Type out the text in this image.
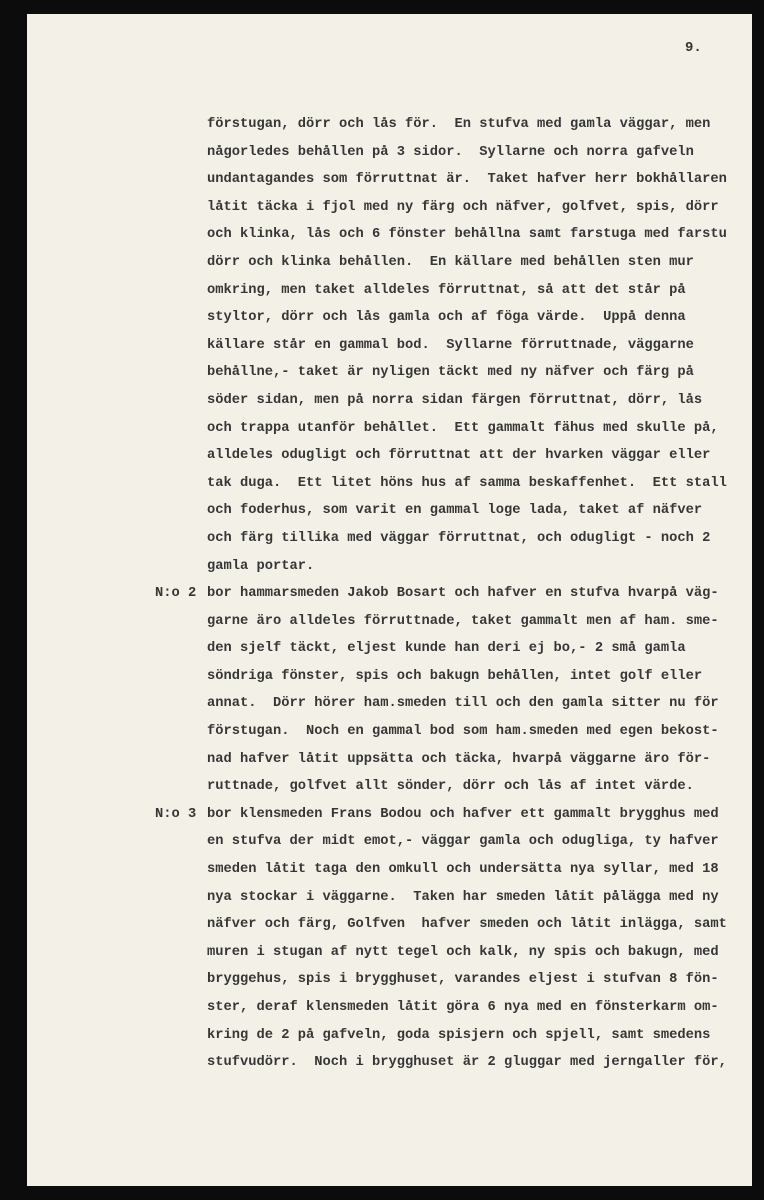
9.
förstugan, dörr och lås för.  En stufva med gamla väggar, men
någorledes behållen på 3 sidor.  Syllarne och norra gafveln
undantagandes som förruttnat är.  Taket hafver herr bokhållaren
låtit täcka i fjol med ny färg och näfver, golfvet, spis, dörr
och klinka, lås och 6 fönster behållna samt farstuga med farstu
dörr och klinka behållen.  En källare med behållen sten mur
omkring, men taket alldeles förruttnat, så att det står på
styltor, dörr och lås gamla och af föga värde.  Uppå denna
källare står en gammal bod.  Syllarne förruttnade, väggarne
behållne,- taket är nyligen täckt med ny näfver och färg på
söder sidan, men på norra sidan färgen förruttnat, dörr, lås
och trappa utanför behållet.  Ett gammalt fähus med skulle på,
alldeles odugligt och förruttnat att der hvarken väggar eller
tak duga.  Ett litet höns hus af samma beskaffenhet.  Ett stall
och foderhus, som varit en gammal loge lada, taket af näfver
och färg tillika med väggar förruttnat, och odugligt - noch 2
gamla portar.
N:o 2 bor hammarsmeden Jakob Bosart och hafver en stufva hvarpå väg-
garne äro alldeles förruttnade, taket gammalt men af ham. sme-
den sjelf täckt, eljest kunde han deri ej bo,- 2 små gamla
söndriga fönster, spis och bakugn behållen, intet golf eller
annat.  Dörr hörer ham.smeden till och den gamla sitter nu för
förstugan.  Noch en gammal bod som ham.smeden med egen bekost-
nad hafver låtit uppsätta och täcka, hvarpå väggarne äro för-
ruttnade, golfvet allt sönder, dörr och lås af intet värde.
N:o 3 bor klensmeden Frans Bodou och hafver ett gammalt brygghus med
en stufva der midt emot,- väggar gamla och odugliga, ty hafver
smeden låtit taga den omkull och undersätta nya syllar, med 18
nya stockar i väggarne.  Taken har smeden låtit pålägga med ny
näfver och färg, Golfven  hafver smeden och låtit inlägga, samt
muren i stugan af nytt tegel och kalk, ny spis och bakugn, med
bryggehus, spis i brygghuset, varandes eljest i stufvan 8 fön-
ster, deraf klensmeden låtit göra 6 nya med en fönsterkarm om-
kring de 2 på gafveln, goda spisjern och spjell, samt smedens
stufvudörr.  Noch i brygghuset är 2 gluggar med jerngaller för,
